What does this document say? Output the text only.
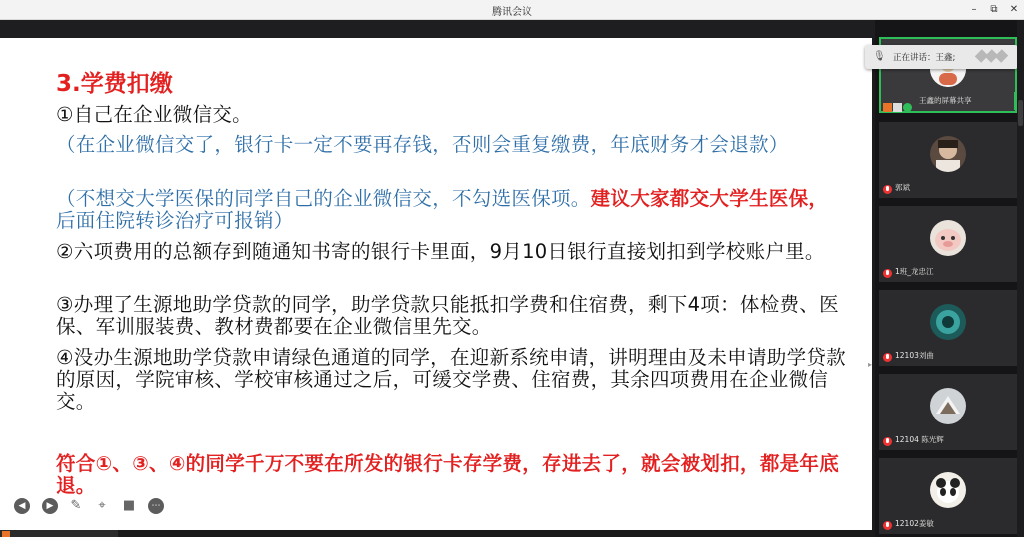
腾讯会议	–	⧉	✕
3.学费扣缴
①自己在企业微信交。
（在企业微信交了，银行卡一定不要再存钱，否则会重复缴费，年底财务才会退款）
（不想交大学医保的同学自己的企业微信交，不勾选医保项。建议大家都交大学生医保，后面住院转诊治疗可报销）
②六项费用的总额存到随通知书寄的银行卡里面，9月10日银行直接划扣到学校账户里。
③办理了生源地助学贷款的同学，助学贷款只能抵扣学费和住宿费，剩下4项：体检费、医保、军训服装费、教材费都要在企业微信里先交。
④没办生源地助学贷款申请绿色通道的同学，在迎新系统申请，讲明理由及未申请助学贷款的原因，学院审核、学校审核通过之后，可缓交学费、住宿费，其余四项费用在企业微信交。
符合①、③、④的同学千万不要在所发的银行卡存学费，存进去了，就会被划扣，都是年底退。
◀	▶	✎	⌖	■	⋯
王鑫的屏幕共享
🎙 正在讲话：王鑫;
郭斌
1班_龙忠江
12103刘曲
12104 陈光辉
12102姜敏
▸
